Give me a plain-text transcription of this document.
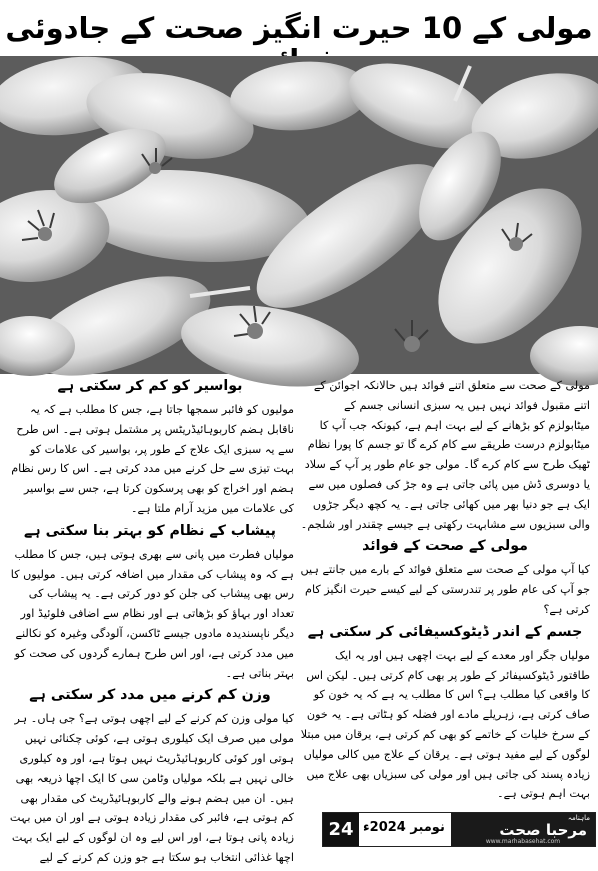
مولی کے 10 حیرت انگیز صحت کے جادوئی

مولی کے صحت سے متعلق اتنے فوائد ہیں حالانکہ اجوائن کے اتنے مقبول فوائد نہیں ہیں یہ سبزی انسانی جسم کے میٹابولزم کو بڑھانے کے لیے بہت اہم ہے، کیونکہ جب آپ کا میٹابولزم درست طریقے سے کام کرے گا تو جسم کا پورا نظام ٹھیک طرح سے کام کرے گا۔ مولی جو عام طور پر آپ کے سلاد یا دوسری ڈش میں پائی جاتی ہے وہ جڑ کی فصلوں میں سے ایک ہے جو دنیا بھر میں کھائی جاتی ہے۔ یہ کچھ دیگر جڑوں والی سبزیوں سے مشابہت رکھتی ہے جیسے چقندر اور شلجم۔

مولی کے صحت کے فوائد

کیا آپ مولی کے صحت سے متعلق فوائد کے بارے میں جانتے ہیں جو آپ کی عام طور پر تندرستی کے لیے کیسے حیرت انگیز کام کرتی ہے؟

جسم کے اندر ڈیٹوکسیفائی کر سکتی ہے

مولیاں جگر اور معدے کے لیے بہت اچھی ہیں اور یہ ایک طاقتور ڈیٹوکسیفائر کے طور پر بھی کام کرتی ہیں۔ لیکن اس کا واقعی کیا مطلب ہے؟ اس کا مطلب یہ ہے کہ یہ خون کو صاف کرتی ہے، زہریلے مادے اور فضلہ کو ہٹاتی ہے۔ یہ خون کے سرخ خلیات کے خاتمے کو بھی کم کرتی ہے، یرقان میں مبتلا لوگوں کے لیے مفید ہوتی ہے۔ یرقان کے علاج میں کالی مولیاں زیادہ پسند کی جاتی ہیں اور مولی کی سبزیاں بھی علاج میں بہت اہم ہوتی ہے۔

بواسیر کو کم کر سکتی ہے

مولیوں کو فائبر سمجھا جاتا ہے، جس کا مطلب ہے کہ یہ ناقابل ہضم کاربوہائیڈریٹس پر مشتمل ہوتی ہے۔ اس طرح سے یہ سبزی ایک علاج کے طور پر، بواسیر کی علامات کو بہت تیزی سے حل کرنے میں مدد کرتی ہے۔ اس کا رس نظام ہضم اور اخراج کو بھی پرسکون کرتا ہے، جس سے بواسیر کی علامات میں مزید آرام ملتا ہے۔

پیشاب کے نظام کو بہتر بنا سکتی ہے

مولیاں فطرت میں پانی سے بھری ہوتی ہیں، جس کا مطلب ہے کہ وہ پیشاب کی مقدار میں اضافہ کرتی ہیں۔ مولیوں کا رس بھی پیشاب کی جلن کو دور کرتی ہے۔ یہ پیشاب کی تعداد اور بہاؤ کو بڑھاتی ہے اور نظام سے اضافی فلوئیڈ اور دیگر ناپسندیدہ مادوں جیسے ٹاکسن، آلودگی وغیرہ کو نکالنے میں مدد کرتی ہے، اور اس طرح ہمارے گردوں کی صحت کو بہتر بناتی ہے۔

وزن کم کرنے میں مدد کر سکتی ہے

کیا مولی وزن کم کرنے کے لیے اچھی ہوتی ہے؟ جی ہاں۔ ہر مولی میں صرف ایک کیلوری ہوتی ہے، کوئی چکنائی نہیں ہوتی اور کوئی کاربوہائیڈریٹ نہیں ہوتا ہے، اور وہ کیلوری خالی نہیں ہے بلکہ مولیاں وٹامن سی کا ایک اچھا ذریعہ بھی ہیں۔ ان میں ہضم ہونے والے کاربوہائیڈریٹ کی مقدار بھی کم ہوتی ہے، فائبر کی مقدار زیادہ ہوتی ہے اور ان میں بہت زیادہ پانی ہوتا ہے، اور اس لیے وہ ان لوگوں کے لیے ایک بہت اچھا غذائی انتخاب ہو سکتا ہے جو وزن کم کرنے کے لیے

ماہنامہ
مرحبا صحت
www.marhabasehat.com
24 نومبر 2024ء
